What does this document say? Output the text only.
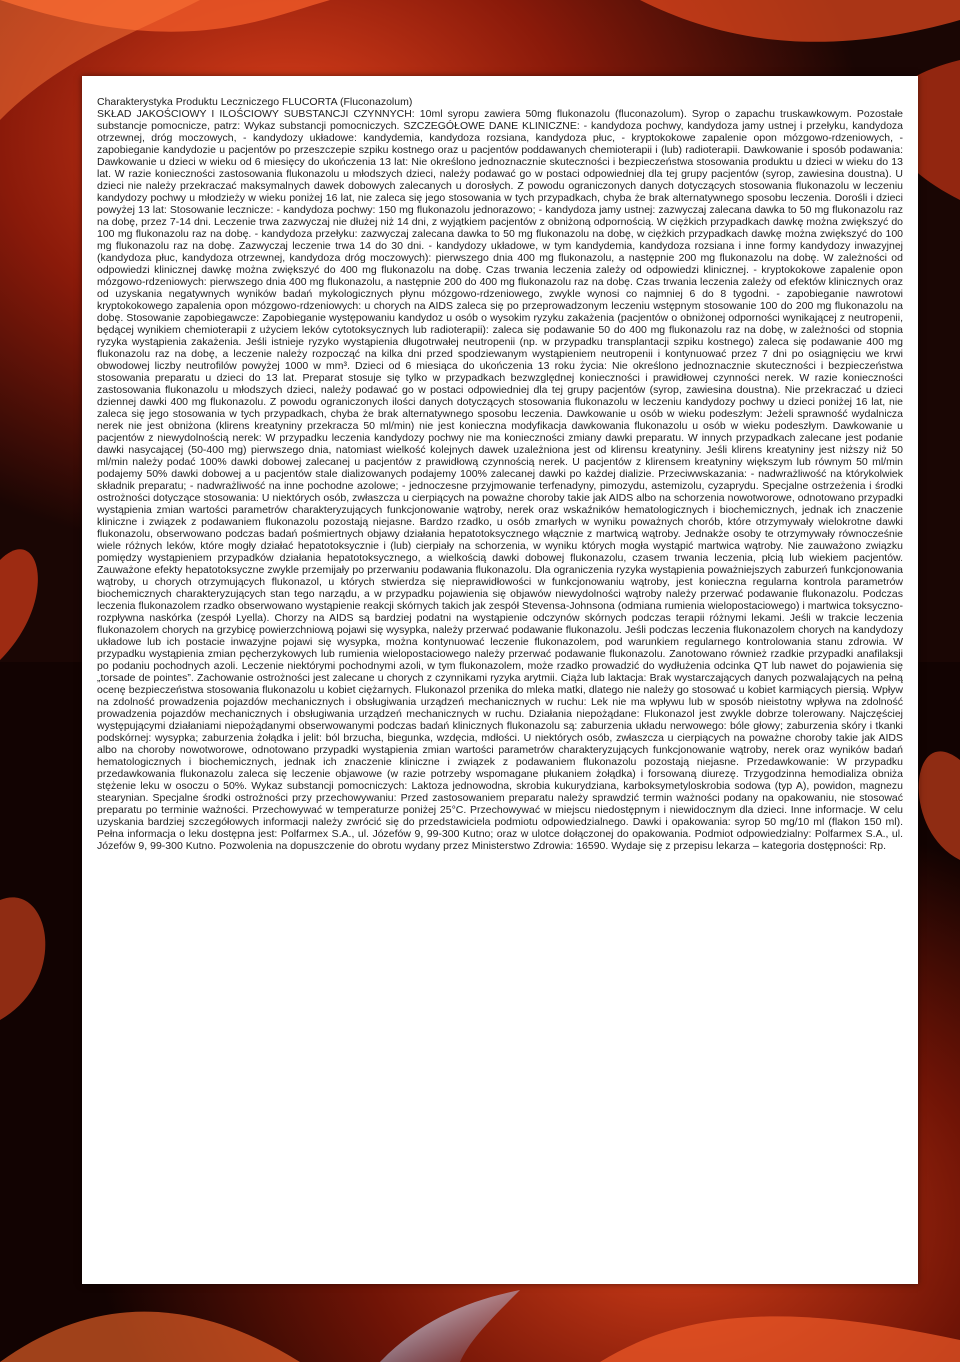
Charakterystyka Produktu Leczniczego FLUCORTA (Fluconazolum)

SKŁAD JAKOŚCIOWY I ILOŚCIOWY SUBSTANCJI CZYNNYCH: 10ml syropu zawiera 50mg flukonazolu (fluconazolum). Syrop o zapachu truskawkowym. Pozostałe substancje pomocnicze, patrz: Wykaz substancji pomocniczych. SZCZEGÓŁOWE DANE KLINICZNE: - kandydoza pochwy, kandydoza jamy ustnej i przełyku, kandydoza otrzewnej, dróg moczowych, - kandydozy układowe: kandydemia, kandydoza rozsiana, kandydoza płuc, - kryptokokowe zapalenie opon mózgowo-rdzeniowych, - zapobieganie kandydozie u pacjentów po przeszczepie szpiku kostnego oraz u pacjentów poddawanych chemioterapii i (lub) radioterapii. Dawkowanie i sposób podawania: Dawkowanie u dzieci w wieku od 6 miesięcy do ukończenia 13 lat: Nie określono jednoznacznie skuteczności i bezpieczeństwa stosowania produktu u dzieci w wieku do 13 lat. W razie konieczności zastosowania flukonazolu u młodszych dzieci, należy podawać go w postaci odpowiedniej dla tej grupy pacjentów (syrop, zawiesina doustna). U dzieci nie należy przekraczać maksymalnych dawek dobowych zalecanych u dorosłych. Z powodu ograniczonych danych dotyczących stosowania flukonazolu w leczeniu kandydozy pochwy u młodzieży w wieku poniżej 16 lat, nie zaleca się jego stosowania w tych przypadkach, chyba że brak alternatywnego sposobu leczenia. Dorośli i dzieci powyżej 13 lat: Stosowanie lecznicze: - kandydoza pochwy: 150 mg flukonazolu jednorazowo; - kandydoza jamy ustnej: zazwyczaj zalecana dawka to 50 mg flukonazolu raz na dobę, przez 7-14 dni. Leczenie trwa zazwyczaj nie dłużej niż 14 dni, z wyjątkiem pacjentów z obniżoną odpornością. W ciężkich przypadkach dawkę można zwiększyć do 100 mg flukonazolu raz na dobę. - kandydoza przełyku: zazwyczaj zalecana dawka to 50 mg flukonazolu na dobę, w ciężkich przypadkach dawkę można zwiększyć do 100 mg flukonazolu raz na dobę. Zazwyczaj leczenie trwa 14 do 30 dni. - kandydozy układowe, w tym kandydemia, kandydoza rozsiana i inne formy kandydozy inwazyjnej (kandydoza płuc, kandydoza otrzewnej, kandydoza dróg moczowych): pierwszego dnia 400 mg flukonazolu, a następnie 200 mg flukonazolu na dobę. W zależności od odpowiedzi klinicznej dawkę można zwiększyć do 400 mg flukonazolu na dobę. Czas trwania leczenia zależy od odpowiedzi klinicznej. - kryptokokowe zapalenie opon mózgowo-rdzeniowych: pierwszego dnia 400 mg flukonazolu, a następnie 200 do 400 mg flukonazolu raz na dobę. Czas trwania leczenia zależy od efektów klinicznych oraz od uzyskania negatywnych wyników badań mykologicznych płynu mózgowo-rdzeniowego, zwykle wynosi co najmniej 6 do 8 tygodni. - zapobieganie nawrotowi kryptokokowego zapalenia opon mózgowo-rdzeniowych: u chorych na AIDS zaleca się po przeprowadzonym leczeniu wstępnym stosowanie 100 do 200 mg flukonazolu na dobę. Stosowanie zapobiegawcze: Zapobieganie występowaniu kandydoz u osób o wysokim ryzyku zakażenia (pacjentów o obniżonej odporności wynikającej z neutropenii, będącej wynikiem chemioterapii z użyciem leków cytotoksycznych lub radioterapii): zaleca się podawanie 50 do 400 mg flukonazolu raz na dobę, w zależności od stopnia ryzyka wystąpienia zakażenia. Jeśli istnieje ryzyko wystąpienia długotrwałej neutropenii (np. w przypadku transplantacji szpiku kostnego) zaleca się podawanie 400 mg flukonazolu raz na dobę, a leczenie należy rozpocząć na kilka dni przed spodziewanym wystąpieniem neutropenii i kontynuować przez 7 dni po osiągnięciu we krwi obwodowej liczby neutrofilów powyżej 1000 w mm³. Dzieci od 6 miesiąca do ukończenia 13 roku życia: Nie określono jednoznacznie skuteczności i bezpieczeństwa stosowania preparatu u dzieci do 13 lat. Preparat stosuje się tylko w przypadkach bezwzględnej konieczności i prawidłowej czynności nerek. W razie konieczności zastosowania flukonazolu u młodszych dzieci, należy podawać go w postaci odpowiedniej dla tej grupy pacjentów (syrop, zawiesina doustna). Nie przekraczać u dzieci dziennej dawki 400 mg flukonazolu. Z powodu ograniczonych ilości danych dotyczących stosowania flukonazolu w leczeniu kandydozy pochwy u dzieci poniżej 16 lat, nie zaleca się jego stosowania w tych przypadkach, chyba że brak alternatywnego sposobu leczenia. Dawkowanie u osób w wieku podeszłym: Jeżeli sprawność wydalnicza nerek nie jest obniżona (klirens kreatyniny przekracza 50 ml/min) nie jest konieczna modyfikacja dawkowania flukonazolu u osób w wieku podeszłym. Dawkowanie u pacjentów z niewydolnością nerek: W przypadku leczenia kandydozy pochwy nie ma konieczności zmiany dawki preparatu. W innych przypadkach zalecane jest podanie dawki nasycającej (50-400 mg) pierwszego dnia, natomiast wielkość kolejnych dawek uzależniona jest od klirensu kreatyniny. Jeśli klirens kreatyniny jest niższy niż 50 ml/min należy podać 100% dawki dobowej zalecanej u pacjentów z prawidłową czynnością nerek. U pacjentów z klirensem kreatyniny większym lub równym 50 ml/min podajemy 50% dawki dobowej a u pacjentów stale dializowanych podajemy 100% zalecanej dawki po każdej dializie. Przeciwwskazania: - nadwrażliwość na którykolwiek składnik preparatu; - nadwrażliwość na inne pochodne azolowe; - jednoczesne przyjmowanie terfenadyny, pimozydu, astemizolu, cyzaprydu. Specjalne ostrzeżenia i środki ostrożności dotyczące stosowania: U niektórych osób, zwłaszcza u cierpiących na poważne choroby takie jak AIDS albo na schorzenia nowotworowe, odnotowano przypadki wystąpienia zmian wartości parametrów charakteryzujących funkcjonowanie wątroby, nerek oraz wskaźników hematologicznych i biochemicznych, jednak ich znaczenie kliniczne i związek z podawaniem flukonazolu pozostają niejasne. Bardzo rzadko, u osób zmarłych w wyniku poważnych chorób, które otrzymywały wielokrotne dawki flukonazolu, obserwowano podczas badań pośmiertnych objawy działania hepatotoksycznego włącznie z martwicą wątroby. Jednakże osoby te otrzymywały równocześnie wiele różnych leków, które mogły działać hepatotoksycznie i (lub) cierpiały na schorzenia, w wyniku których mogła wystąpić martwica wątroby. Nie zauważono związku pomiędzy wystąpieniem przypadków działania hepatotoksycznego, a wielkością dawki dobowej flukonazolu, czasem trwania leczenia, płcią lub wiekiem pacjentów. Zauważone efekty hepatotoksyczne zwykle przemijały po przerwaniu podawania flukonazolu. Dla ograniczenia ryzyka wystąpienia poważniejszych zaburzeń funkcjonowania wątroby, u chorych otrzymujących flukonazol, u których stwierdza się nieprawidłowości w funkcjonowaniu wątroby, jest konieczna regularna kontrola parametrów biochemicznych charakteryzujących stan tego narządu, a w przypadku pojawienia się objawów niewydolności wątroby należy przerwać podawanie flukonazolu. Podczas leczenia flukonazolem rzadko obserwowano wystąpienie reakcji skórnych takich jak zespół Stevensa-Johnsona (odmiana rumienia wielopostaciowego) i martwica toksyczno-rozpływna naskórka (zespół Lyella). Chorzy na AIDS są bardziej podatni na wystąpienie odczynów skórnych podczas terapii różnymi lekami. Jeśli w trakcie leczenia flukonazolem chorych na grzybicę powierzchniową pojawi się wysypka, należy przerwać podawanie flukonazolu. Jeśli podczas leczenia flukonazolem chorych na kandydozy układowe lub ich postacie inwazyjne pojawi się wysypka, można kontynuować leczenie flukonazolem, pod warunkiem regularnego kontrolowania stanu zdrowia. W przypadku wystąpienia zmian pęcherzykowych lub rumienia wielopostaciowego należy przerwać podawanie flukonazolu. Zanotowano również rzadkie przypadki anafilaksji po podaniu pochodnych azoli. Leczenie niektórymi pochodnymi azoli, w tym flukonazolem, może rzadko prowadzić do wydłużenia odcinka QT lub nawet do pojawienia się „torsade de pointes”. Zachowanie ostrożności jest zalecane u chorych z czynnikami ryzyka arytmii. Ciąża lub laktacja: Brak wystarczających danych pozwalających na pełną ocenę bezpieczeństwa stosowania flukonazolu u kobiet ciężarnych. Flukonazol przenika do mleka matki, dlatego nie należy go stosować u kobiet karmiących piersią. Wpływ na zdolność prowadzenia pojazdów mechanicznych i obsługiwania urządzeń mechanicznych w ruchu: Lek nie ma wpływu lub w sposób nieistotny wpływa na zdolność prowadzenia pojazdów mechanicznych i obsługiwania urządzeń mechanicznych w ruchu. Działania niepożądane: Flukonazol jest zwykle dobrze tolerowany. Najczęściej występującymi działaniami niepożądanymi obserwowanymi podczas badań klinicznych flukonazolu są: zaburzenia układu nerwowego: bóle głowy; zaburzenia skóry i tkanki podskórnej: wysypka; zaburzenia żołądka i jelit: ból brzucha, biegunka, wzdęcia, mdłości. U niektórych osób, zwłaszcza u cierpiących na poważne choroby takie jak AIDS albo na choroby nowotworowe, odnotowano przypadki wystąpienia zmian wartości parametrów charakteryzujących funkcjonowanie wątroby, nerek oraz wyników badań hematologicznych i biochemicznych, jednak ich znaczenie kliniczne i związek z podawaniem flukonazolu pozostają niejasne. Przedawkowanie: W przypadku przedawkowania flukonazolu zaleca się leczenie objawowe (w razie potrzeby wspomagane płukaniem żołądka) i forsowaną diurezę. Trzygodzinna hemodializa obniża stężenie leku w osoczu o 50%. Wykaz substancji pomocniczych: Laktoza jednowodna, skrobia kukurydziana, karboksymetyloskrobia sodowa (typ A), powidon, magnezu stearynian. Specjalne środki ostrożności przy przechowywaniu: Przed zastosowaniem preparatu należy sprawdzić termin ważności podany na opakowaniu, nie stosować preparatu po terminie ważności. Przechowywać w temperaturze poniżej 25°C. Przechowywać w miejscu niedostępnym i niewidocznym dla dzieci. Inne informacje. W celu uzyskania bardziej szczegółowych informacji należy zwrócić się do przedstawiciela podmiotu odpowiedzialnego. Dawki i opakowania: syrop 50 mg/10 ml (flakon 150 ml). Pełna informacja o leku dostępna jest: Polfarmex S.A., ul. Józefów 9, 99-300 Kutno; oraz w ulotce dołączonej do opakowania. Podmiot odpowiedzialny: Polfarmex S.A., ul. Józefów 9, 99-300 Kutno. Pozwolenia na dopuszczenie do obrotu wydany przez Ministerstwo Zdrowia: 16590. Wydaje się z przepisu lekarza – kategoria dostępności: Rp.
